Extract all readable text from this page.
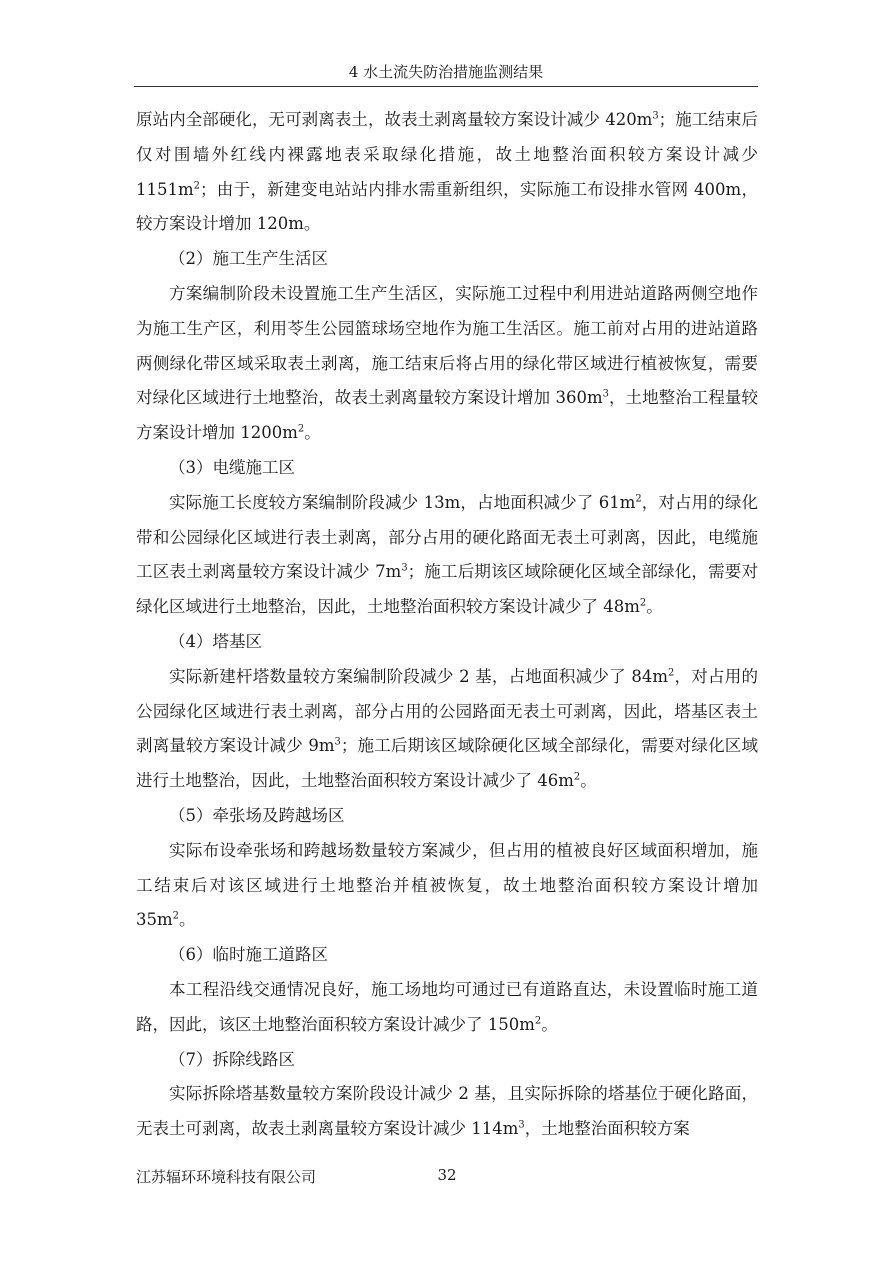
4 水土流失防治措施监测结果

原站内全部硬化，无可剥离表土，故表土剥离量较方案设计减少 $420m^3$；施工结束后仅对围墙外红线内裸露地表采取绿化措施，故土地整治面积较方案设计减少 $1151m^2$；由于，新建变电站站内排水需重新组织，实际施工布设排水管网 400m，较方案设计增加 120m。

（2）施工生产生活区

方案编制阶段未设置施工生产生活区，实际施工过程中利用进站道路两侧空地作为施工生产区，利用苓生公园篮球场空地作为施工生活区。施工前对占用的进站道路两侧绿化带区域采取表土剥离，施工结束后将占用的绿化带区域进行植被恢复，需要对绿化区域进行土地整治，故表土剥离量较方案设计增加 $360m^3$，土地整治工程量较方案设计增加 $1200m^2$。

（3）电缆施工区

实际施工长度较方案编制阶段减少 13m，占地面积减少了 $61m^2$，对占用的绿化带和公园绿化区域进行表土剥离，部分占用的硬化路面无表土可剥离，因此，电缆施工区表土剥离量较方案设计减少 $7m^3$；施工后期该区域除硬化区域全部绿化，需要对绿化区域进行土地整治，因此，土地整治面积较方案设计减少了 $48m^2$。

（4）塔基区

实际新建杆塔数量较方案编制阶段减少 2 基，占地面积减少了 $84m^2$，对占用的公园绿化区域进行表土剥离，部分占用的公园路面无表土可剥离，因此，塔基区表土剥离量较方案设计减少 $9m^3$；施工后期该区域除硬化区域全部绿化，需要对绿化区域进行土地整治，因此，土地整治面积较方案设计减少了 $46m^2$。

（5）牵张场及跨越场区

实际布设牵张场和跨越场数量较方案减少，但占用的植被良好区域面积增加，施工结束后对该区域进行土地整治并植被恢复，故土地整治面积较方案设计增加 $35m^2$。

（6）临时施工道路区

本工程沿线交通情况良好，施工场地均可通过已有道路直达，未设置临时施工道路，因此，该区土地整治面积较方案设计减少了 $150m^2$。

（7）拆除线路区

实际拆除塔基数量较方案阶段设计减少 2 基，且实际拆除的塔基位于硬化路面，无表土可剥离，故表土剥离量较方案设计减少 $114m^3$，土地整治面积较方案

江苏辐环环境科技有限公司	32
